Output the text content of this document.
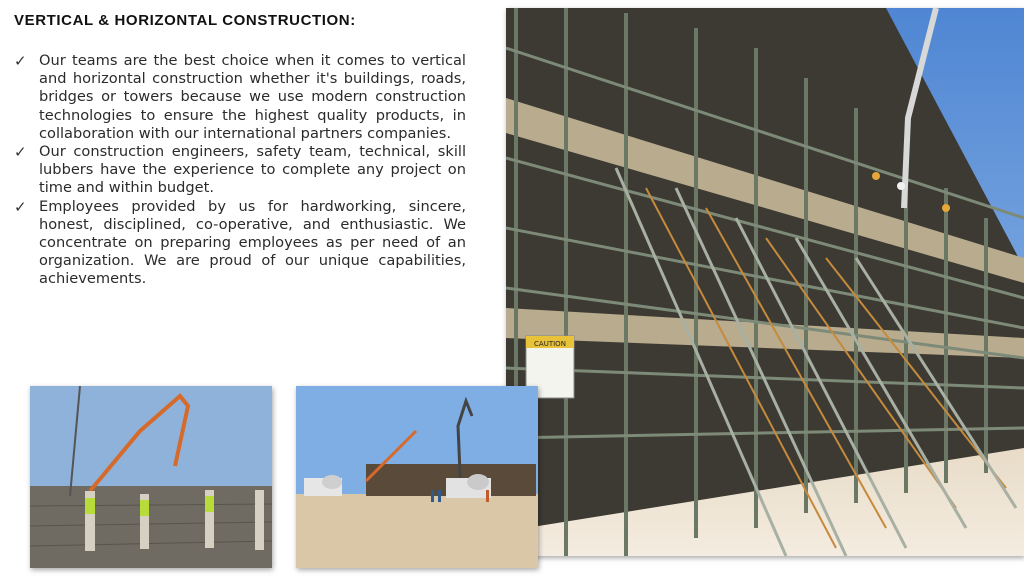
VERTICAL & HORIZONTAL CONSTRUCTION:
✓ Our teams are the best choice when it comes to vertical and horizontal construction whether it's buildings, roads, bridges or towers because we use modern construction technologies to ensure the highest quality products, in collaboration with our international partners companies.
✓ Our construction engineers, safety team, technical, skill lubbers have the experience to complete any project on time and within budget.
✓ Employees provided by us for hardworking, sincere, honest, disciplined, co-operative, and enthusiastic. We concentrate on preparing employees as per need of an organization. We are proud of our unique capabilities, achievements.
CAUTION
